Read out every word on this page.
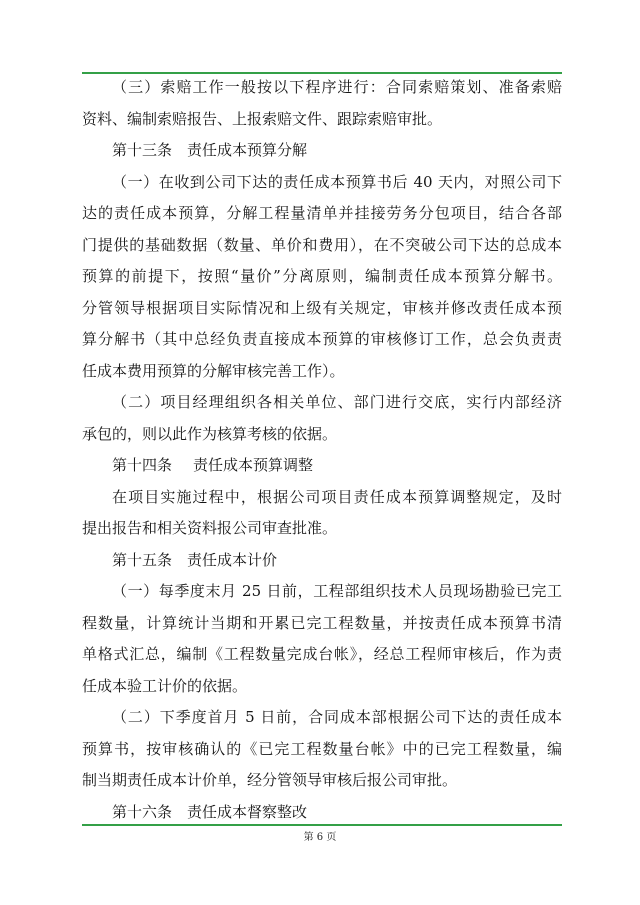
（三）索赔工作一般按以下程序进行：合同索赔策划、准备索赔
资料、编制索赔报告、上报索赔文件、跟踪索赔审批。
第十三条 责任成本预算分解
（一）在收到公司下达的责任成本预算书后 40 天内，对照公司下
达的责任成本预算，分解工程量清单并挂接劳务分包项目，结合各部
门提供的基础数据（数量、单价和费用），在不突破公司下达的总成本
预算的前提下，按照“量价”分离原则，编制责任成本预算分解书。
分管领导根据项目实际情况和上级有关规定，审核并修改责任成本预
算分解书（其中总经负责直接成本预算的审核修订工作，总会负责责
任成本费用预算的分解审核完善工作）。
（二）项目经理组织各相关单位、部门进行交底，实行内部经济
承包的，则以此作为核算考核的依据。
第十四条 责任成本预算调整
在项目实施过程中，根据公司项目责任成本预算调整规定，及时
提出报告和相关资料报公司审查批准。
第十五条 责任成本计价
（一）每季度末月 25 日前，工程部组织技术人员现场勘验已完工
程数量，计算统计当期和开累已完工程数量，并按责任成本预算书清
单格式汇总，编制《工程数量完成台帐》，经总工程师审核后，作为责
任成本验工计价的依据。
（二）下季度首月 5 日前，合同成本部根据公司下达的责任成本
预算书，按审核确认的《已完工程数量台帐》中的已完工程数量，编
制当期责任成本计价单，经分管领导审核后报公司审批。
第十六条 责任成本督察整改
第 6 页
